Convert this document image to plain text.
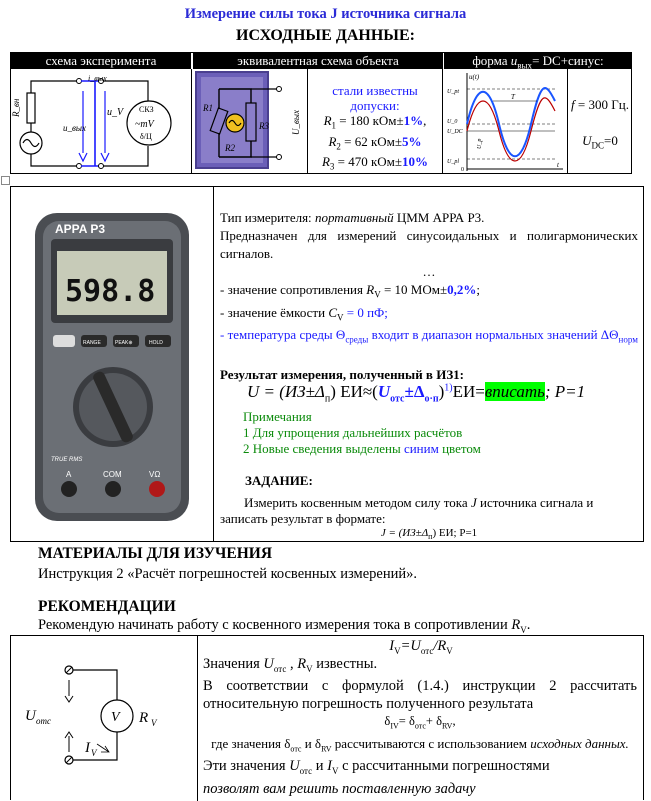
Измерение силы тока J источника сигнала
ИСХОДНЫЕ ДАННЫЕ:
схема эксперимента	эквивалентная схема объекта	форма $u_{вых}=$ DC+синус:
R_вн
i_вых
u_V
u_вых
СКЗ
~mV
δ/Ц
R1
R2
R3 U_вых
стали известны допуски:
$R_1 = 180$ кОм±1%,
$R_2 = 62$ кОм±5%
$R_3 = 470$ кОм±10%
T
u(t)
U_pt
U_0
U_DC
U_pl	t
0
U_p
f = 300 Гц.
$U_{DC}=0$
APPA P3
598.8
RANGE	PEAK⊕	HOLD
TRUE RMS
A	COM	VΩ
Тип измерителя: портативный ЦММ АРРА Р3.
Предназначен для измерений синусоидальных и полигармонических сигналов.
…
- значение сопротивления $R_V = 10$ МОм±0,2%;
- значение ёмкости $C_V = 0$ пФ;
- температура среды $\Theta_{среды}$ входит в диапазон нормальных значений $\Delta\Theta_{норм}$
Результат измерения, полученный в ИЗ1:
$U = (ИЗ\pm\Delta_п)$ $ЕИ\approx(U_{отс}\pm\Delta_{о\cdot п})^{1)}ЕИ=вписать$; P=1
Примечания
1 Для упрощения дальнейших расчётов
2 Новые сведения выделены синим цветом
ЗАДАНИЕ:
Измерить косвенным методом силу тока J источника сигнала и записать результат в формате:
$J = (ИЗ\pm\Delta_п)$ ЕИ; P=1
МАТЕРИАЛЫ ДЛЯ ИЗУЧЕНИЯ
Инструкция 2 «Расчёт погрешностей косвенных измерений».
РЕКОМЕНДАЦИИ
Рекомендую начинать работу с косвенного измерения тока в сопротивлении $R_V$.
V R V
U отс
I V
$I_V=U_{отс}/R_V$
Значения $U_{отс}$ , $R_V$ известны.
В соответствии с формулой (1.4.) инструкции 2 рассчитать относительную погрешность полученного результата
$\delta_{IV}= \delta_{отс}+ \delta_{RV}$,
где значения $\delta_{отс}$ и $\delta_{RV}$ рассчитываются с использованием исходных данных.
Эти значения $U_{отс}$ и $I_V$ с рассчитанными погрешностями
позволят вам решить поставленную задачу
